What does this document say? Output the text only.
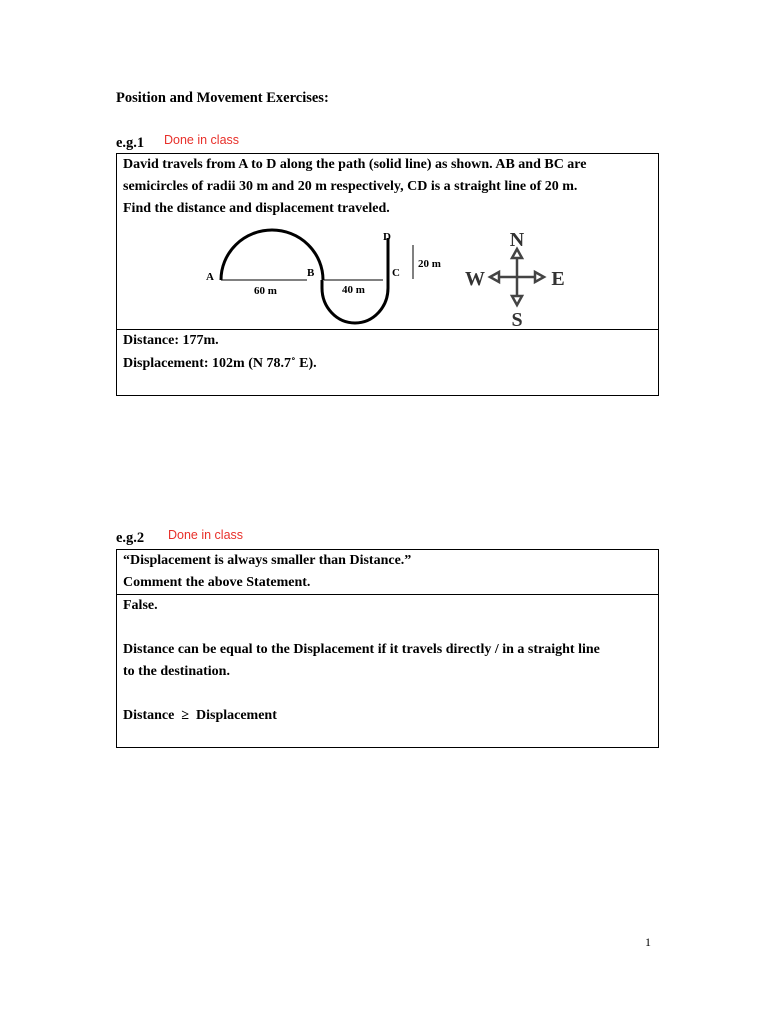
Position and Movement Exercises:
e.g.1 Done in class
David travels from A to D along the path (solid line) as shown. AB and BC are
semicircles of radii 30 m and 20 m respectively, CD is a straight line of 20 m.
Find the distance and displacement traveled.
A	B	C
D
60 m	40 m
20 m
N
S
W	E
Distance: 177m.
Displacement: 102m (N 78.7˚ E).
e.g.2 Done in class
“Displacement is always smaller than Distance.”
Comment the above Statement.
False.
Distance can be equal to the Displacement if it travels directly / in a straight line
to the destination.
Distance  ≥  Displacement
1
